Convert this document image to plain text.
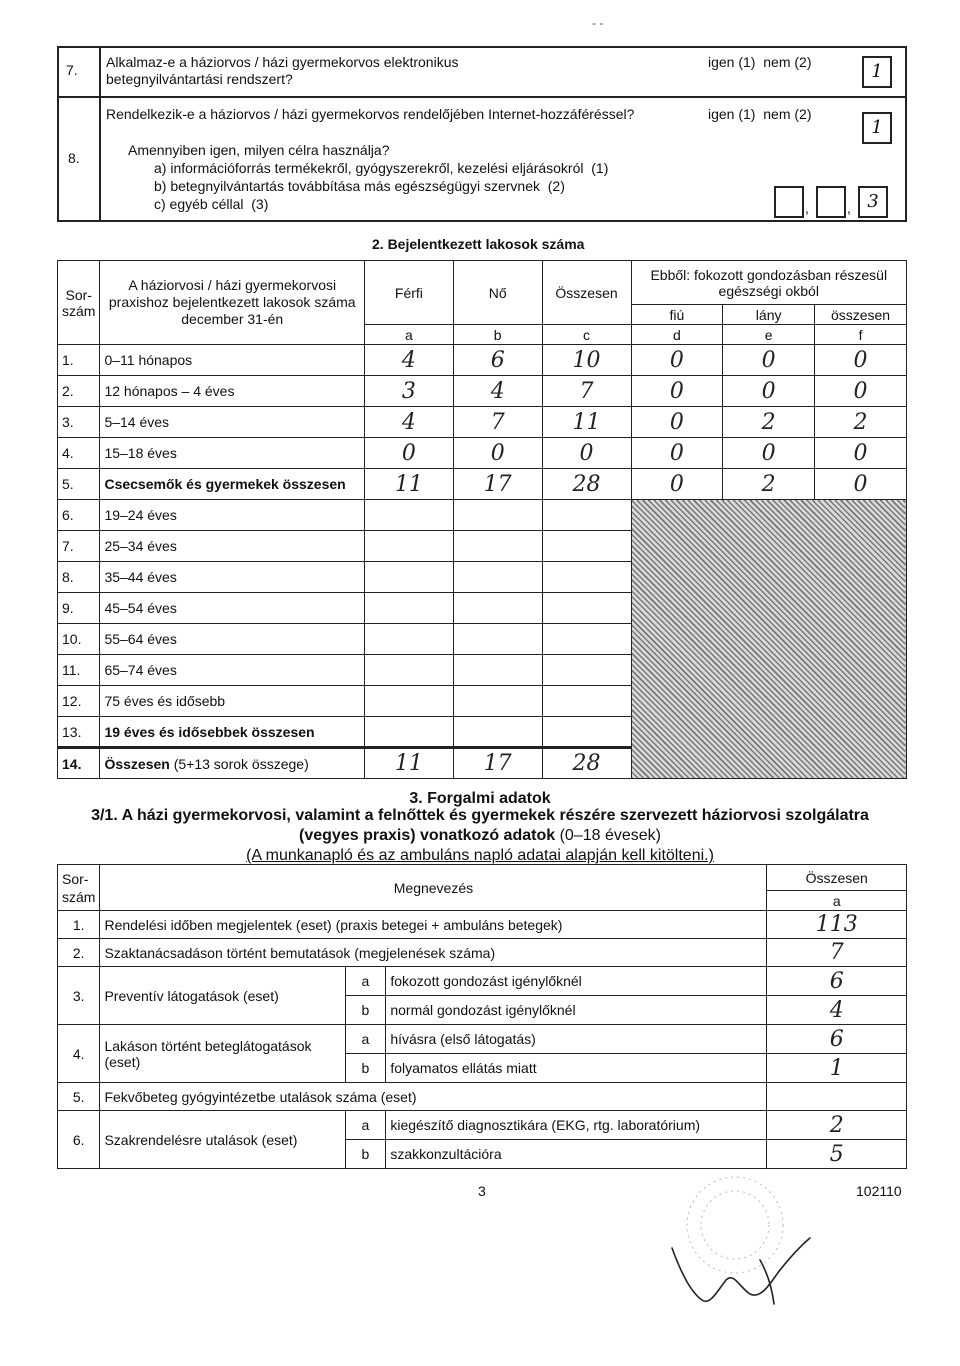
- -
7. Alkalmaz-e a háziorvos / házi gyermekorvos elektronikus
betegnyilvántartási rendszert?
igen (1)  nem (2)	1
8.
Rendelkezik-e a háziorvos / házi gyermekorvos rendelőjében Internet-hozzáféréssel?	igen (1)  nem (2)
1
Amennyiben igen, milyen célra használja?
a) információforrás termékekről, gyógyszerekről, kezelési eljárásokról  (1)
b) betegnyilvántartás továbbítása más egészségügyi szervnek  (2)
c) egyéb céllal  (3)	,	, 3
2. Bejelentkezett lakosok száma
Sor-
szám	A háziorvosi / házi gyermekorvosi praxishoz bejelentkezett lakosok száma december 31-én	Férfi	Nő	Összesen	Ebből: fokozott gondozásban részesül egészségi okból		
					fiú	lány	összesen
		a	b	c	d	e	f
1.	0–11 hónapos	4	6	10	0	0	0
2.	12 hónapos – 4 éves	3	4	7	0	0	0
3.	5–14 éves	4	7	11	0	2	2
4.	15–18 éves	0	0	0	0	0	0
5.	Csecsemők és gyermekek összesen	11	17	28	0	2	0
6.	19–24 éves						
7.	25–34 éves						
8.	35–44 éves						
9.	45–54 éves						
10.	55–64 éves						
11.	65–74 éves						
12.	75 éves és idősebb						
13.	19 éves és idősebbek összesen						
14.	Összesen (5+13 sorok összege)	11	17	28			
3. Forgalmi adatok
3/1. A házi gyermekorvosi, valamint a felnőttek és gyermekek részére szervezett háziorvosi szolgálatra
(vegyes praxis) vonatkozó adatok (0–18 évesek)
(A munkanapló és az ambuláns napló adatai alapján kell kitölteni.)
Sor-
szám	Megnevezés			Összesen
				a
1.	Rendelési időben megjelentek (eset) (praxis betegei + ambuláns betegek)			113
2.	Szaktanácsadáson történt bemutatások (megjelenések száma)			7
3.	Preventív látogatások (eset)	a	fokozott gondozást igénylőknél	6
		b	normál gondozást igénylőknél	4
4.	Lakáson történt beteglátogatások (eset)	a	hívásra (első látogatás)	6
		b	folyamatos ellátás miatt	1
5.	Fekvőbeteg gyógyintézetbe utalások száma (eset)			
6.	Szakrendelésre utalások (eset)	a	kiegészítő diagnosztikára (EKG, rtg. laboratórium)	2
		b	szakkonzultációra	5
3	102110
